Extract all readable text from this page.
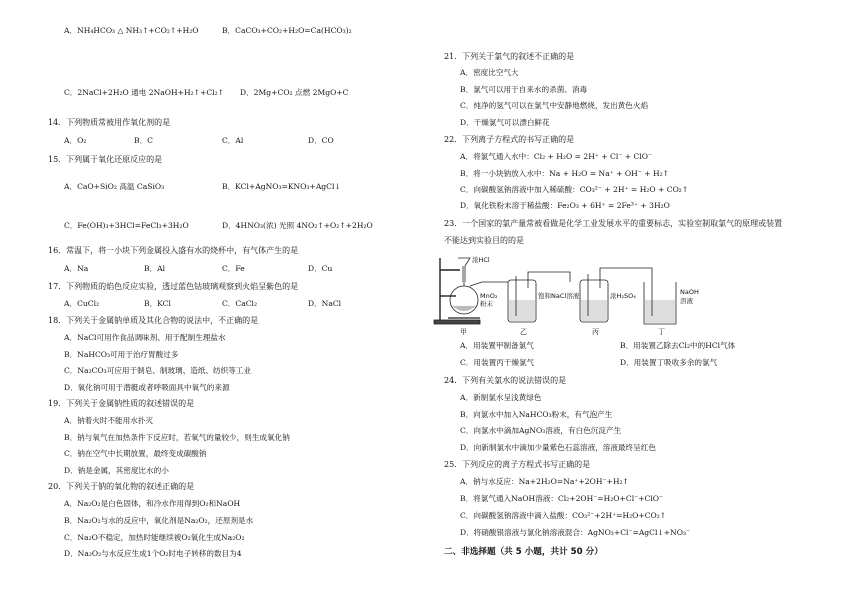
A．NH₄HCO₃ △ NH₃↑+CO₂↑+H₂O	B．CaCO₃+CO₂+H₂O=Ca(HCO₃)₂
C．2NaCl+2H₂O 通电 2NaOH+H₂↑+Cl₂↑ D．2Mg+CO₂ 点燃 2MgO+C
14．下列物质常被用作氧化剂的是
A．O₂	B．C	C．Al	D．CO
15．下列属于氧化还原反应的是
A．CaO+SiO₂ 高温 CaSiO₃	B．KCl+AgNO₃=KNO₃+AgCl↓
C．Fe(OH)₃+3HCl=FeCl₃+3H₂O	D．4HNO₃(浓) 光照 4NO₂↑+O₂↑+2H₂O
16．常温下，将一小块下列金属投入盛有水的烧杯中，有气体产生的是
A．Na	B．Al	C．Fe	D．Cu
17．下列物质的焰色反应实验，透过蓝色钴玻璃观察到火焰呈紫色的是
A．CuCl₂	B．KCl	C．CaCl₂	D．NaCl
18．下列关于金属钠单质及其化合物的说法中，不正确的是
A．NaCl可用作食品调味剂、用于配制生理盐水
B．NaHCO₃可用于治疗胃酸过多
C．Na₂CO₃可应用于制皂、制玻璃、造纸、纺织等工业
D．氧化钠可用于潜艇或者呼吸面具中氧气的来源
19．下列关于金属钠性质的叙述错误的是
A．钠着火时不能用水扑灭
B．钠与氧气在加热条件下反应时，若氧气的量较少，则生成氧化钠
C．钠在空气中长期放置，最终变成碳酸钠
D．钠是金属，其密度比水的小
20．下列关于钠的氧化物的叙述正确的是
A．Na₂O₂是白色固体，和冷水作用得到O₂和NaOH
B．Na₂O₂与水的反应中，氧化剂是Na₂O₂，还原剂是水
C．Na₂O不稳定，加热时能继续被O₂氧化生成Na₂O₂
D．Na₂O₂与水反应生成1个O₂时电子转移的数目为4
21．下列关于氯气的叙述不正确的是
A．密度比空气大
B．氯气可以用于自来水的杀菌、消毒
C．纯净的氢气可以在氯气中安静地燃烧，发出黄色火焰
D．干燥氯气可以漂白鲜花
22．下列离子方程式的书写正确的是
A．将氯气通入水中：Cl₂ + H₂O = 2H⁺ + Cl⁻ + ClO⁻
B．将一小块钠放入水中：Na + H₂O = Na⁺ + OH⁻ + H₂↑
C．向碳酸氢钠溶液中加入稀硫酸：CO₃²⁻ + 2H⁺ = H₂O + CO₂↑
D．氧化铁粉末溶于稀盐酸：Fe₂O₃ + 6H⁺ = 2Fe³⁺ + 3H₂O
23．一个国家的氯产量常被看做是化学工业发展水平的重要标志，实验室制取氯气的原理或装置
不能达到实验目的的是
浓HCl
MnO₂
粉末
饱和NaCl溶液	浓H₂SO₄	NaOH
溶液
甲	乙	丙	丁
A．用装置甲制备氯气	B．用装置乙除去Cl₂中的HCl气体
C．用装置丙干燥氯气	D．用装置丁吸收多余的氯气
24．下列有关氯水的说法错误的是
A．新制氯水呈浅黄绿色
B．向氯水中加入NaHCO₃粉末，有气泡产生
C．向氯水中滴加AgNO₃溶液，有白色沉淀产生
D．向新制氯水中滴加少量紫色石蕊溶液，溶液最终呈红色
25．下列反应的离子方程式书写正确的是
A．钠与水反应：Na+2H₂O=Na⁺+2OH⁻+H₂↑
B．将氯气通入NaOH溶液：Cl₂+2OH⁻=H₂O+Cl⁻+ClO⁻
C．向碳酸氢钠溶液中滴入盐酸：CO₃²⁻+2H⁺=H₂O+CO₂↑
D．将硝酸银溶液与氯化钠溶液混合：AgNO₃+Cl⁻=AgCl↓+NO₃⁻
二、非选择题（共 5 小题，共计 50 分）
